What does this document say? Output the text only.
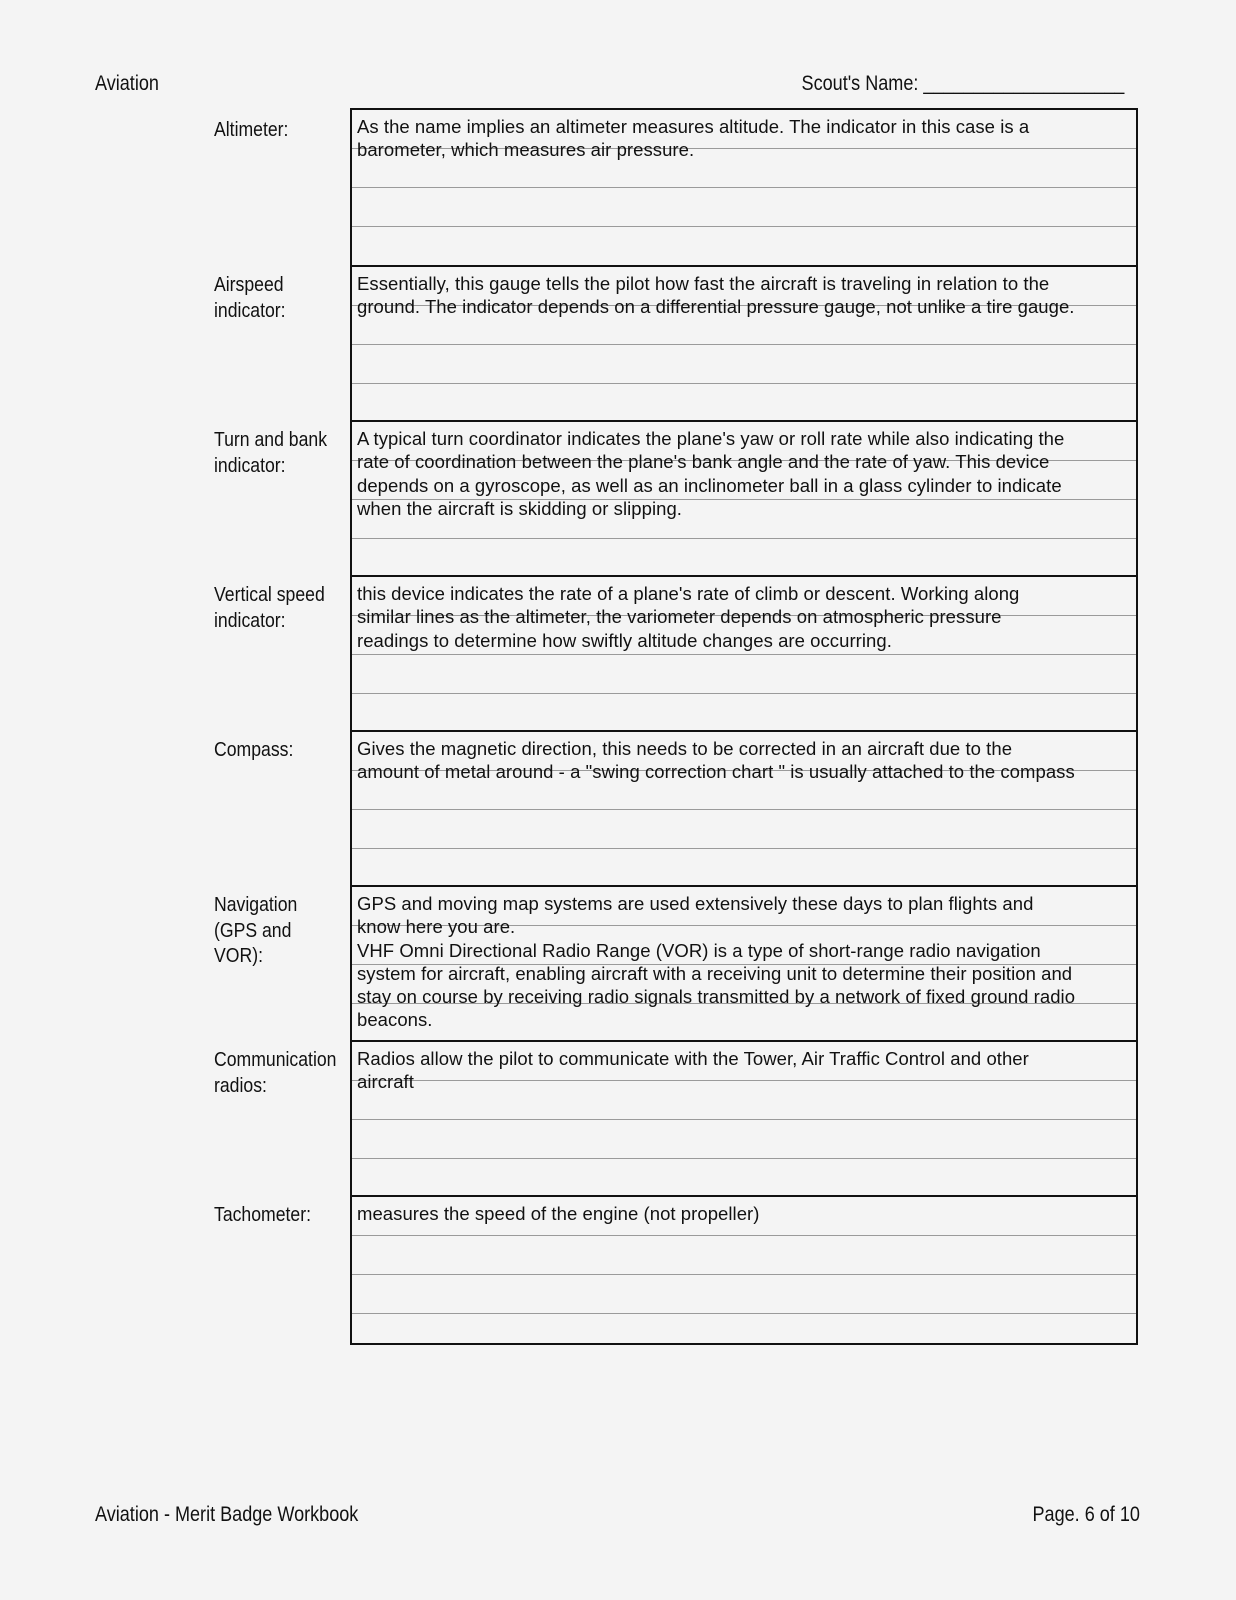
Aviation	Scout's Name: ____________________
As the name implies an altimeter measures altitude. The indicator in this case is a
barometer, which measures air pressure.
Essentially, this gauge tells the pilot how fast the aircraft is traveling in relation to the
ground. The indicator depends on a differential pressure gauge, not unlike a tire gauge.
A typical turn coordinator indicates the plane's yaw or roll rate while also indicating the
rate of coordination between the plane's bank angle and the rate of yaw. This device
depends on a gyroscope, as well as an inclinometer ball in a glass cylinder to indicate
when the aircraft is skidding or slipping.
this device indicates the rate of a plane's rate of climb or descent. Working along
similar lines as the altimeter, the variometer depends on atmospheric pressure
readings to determine how swiftly altitude changes are occurring.
Gives the magnetic direction, this needs to be corrected in an aircraft due to the
amount of metal around - a "swing correction chart " is usually attached to the compass
GPS and moving map systems are used extensively these days to plan flights and
know here you are.
VHF Omni Directional Radio Range (VOR) is a type of short-range radio navigation
system for aircraft, enabling aircraft with a receiving unit to determine their position and
stay on course by receiving radio signals transmitted by a network of fixed ground radio
beacons.
Radios allow the pilot to communicate with the Tower, Air Traffic Control and other
aircraft
measures the speed of the engine (not propeller)
Altimeter:
Airspeed
indicator:
Turn and bank
indicator:
Vertical speed
indicator:
Compass:
Navigation
(GPS and
VOR):
Communication
radios:
Tachometer:
Aviation - Merit Badge Workbook	Page. 6 of 10
